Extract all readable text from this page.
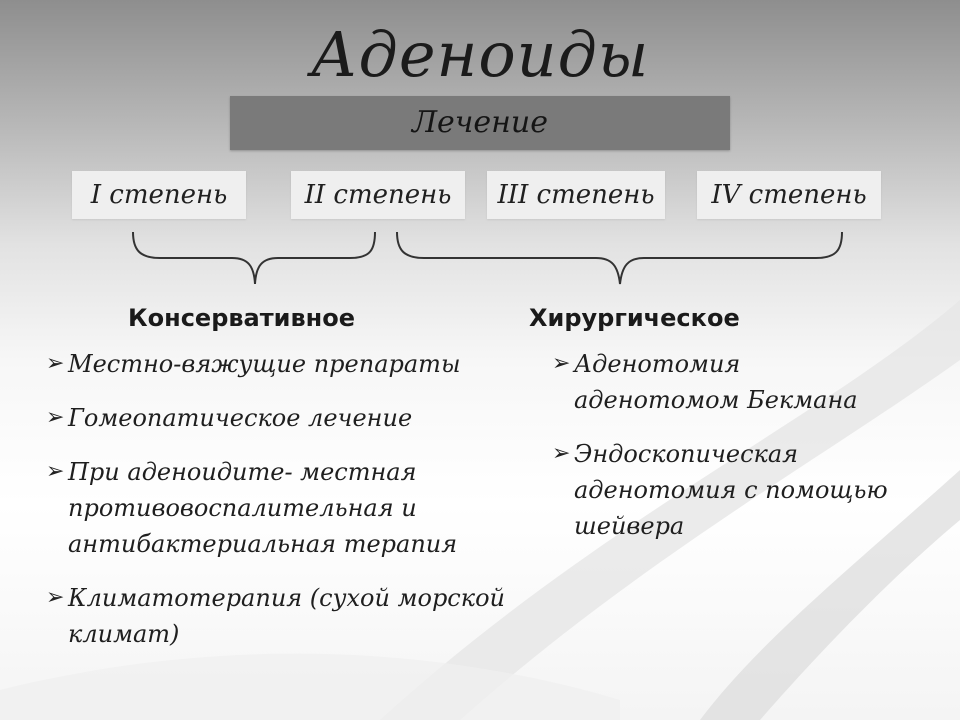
Аденоиды
Лечение
I степень	II степень	III степень	IV степень
Консервативное	Хирургическое
➢ Местно-вяжущие препараты
➢ Гомеопатическое лечение
➢ При аденоидите- местная противовоспалительная и антибактериальная терапия
➢ Климатотерапия (сухой морской климат)
➢ Аденотомия аденотомом Бекмана
➢ Эндоскопическая аденотомия с помощью шейвера
